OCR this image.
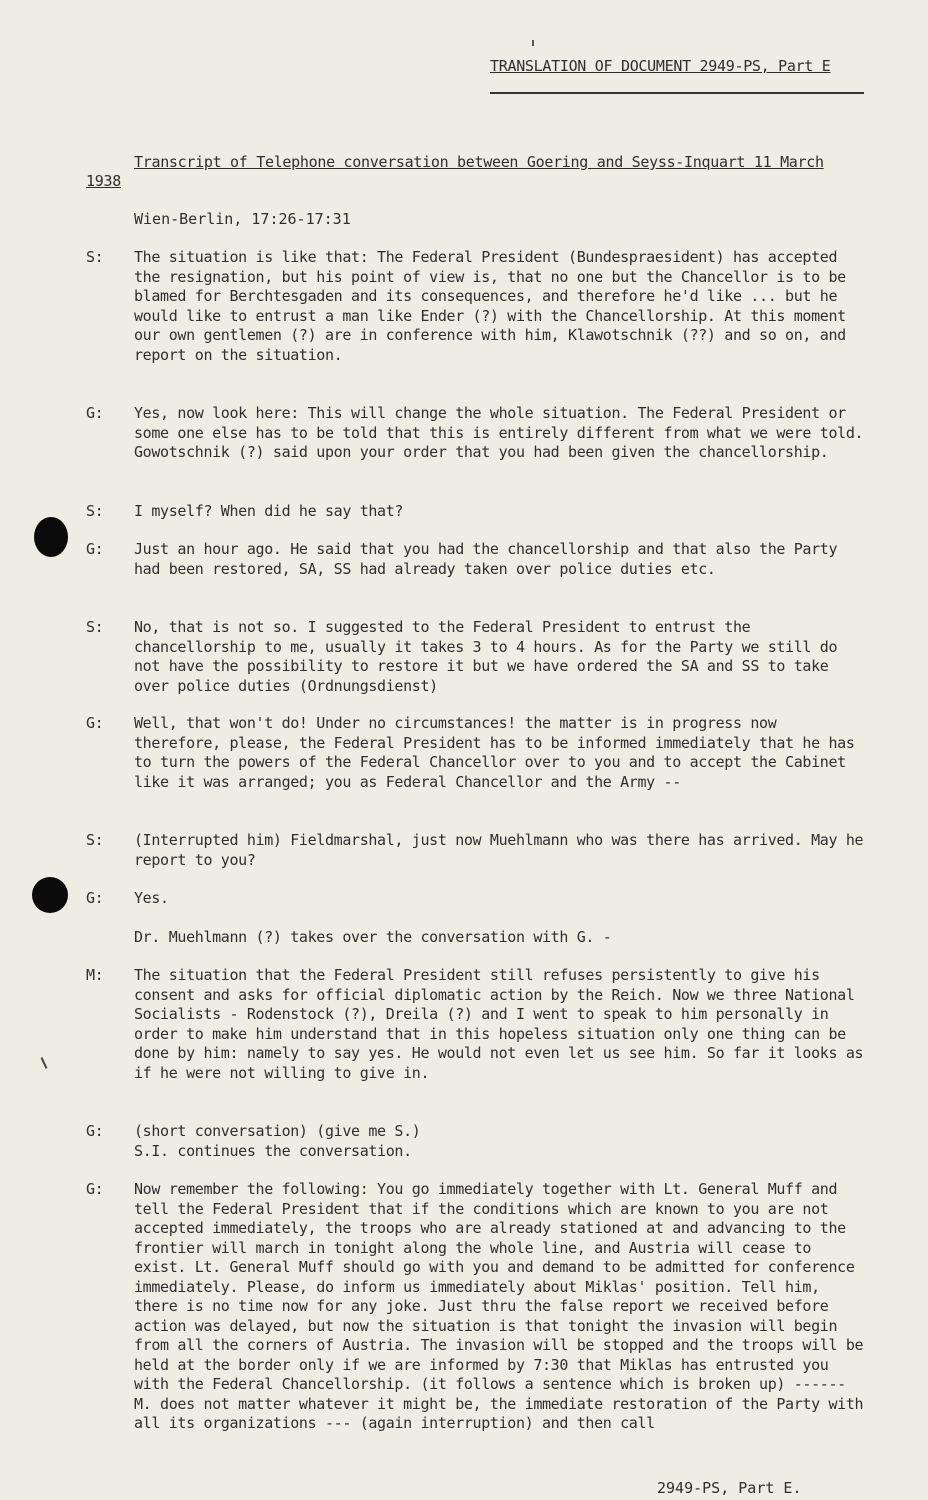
TRANSLATION OF DOCUMENT 2949-PS, Part E
Transcript of Telephone conversation between Goering and Seyss-Inquart 11 March 1938
Wien-Berlin, 17:26-17:31
S:	The situation is like that: The Federal President (Bundespraesident) has accepted the resignation, but his point of view is, that no one but the Chancellor is to be blamed for Berchtesgaden and its consequences, and therefore he'd like ... but he would like to entrust a man like Ender (?) with the Chancellorship. At this moment our own gentlemen (?) are in conference with him, Klawotschnik (??) and so on, and report on the situation.
G:	Yes, now look here: This will change the whole situation. The Federal President or some one else has to be told that this is entirely different from what we were told. Gowotschnik (?) said upon your order that you had been given the chancellorship.
S:	I myself? When did he say that?
G:	Just an hour ago. He said that you had the chancellorship and that also the Party had been restored, SA, SS had already taken over police duties etc.
S:	No, that is not so. I suggested to the Federal President to entrust the chancellorship to me, usually it takes 3 to 4 hours. As for the Party we still do not have the possibility to restore it but we have ordered the SA and SS to take over police duties (Ordnungsdienst)
G:	Well, that won't do! Under no circumstances! the matter is in progress now therefore, please, the Federal President has to be informed immediately that he has to turn the powers of the Federal Chancellor over to you and to accept the Cabinet like it was arranged; you as Federal Chancellor and the Army --
S:	(Interrupted him) Fieldmarshal, just now Muehlmann who was there has arrived. May he report to you?
G:	Yes.
Dr. Muehlmann (?) takes over the conversation with G. -
M:	The situation that the Federal President still refuses persistently to give his consent and asks for official diplomatic action by the Reich. Now we three National Socialists - Rodenstock (?), Dreila (?) and I went to speak to him personally in order to make him understand that in this hopeless situation only one thing can be done by him: namely to say yes. He would not even let us see him. So far it looks as if he were not willing to give in.
G:	(short conversation) (give me S.)
S.I. continues the conversation.
G:	Now remember the following: You go immediately together with Lt. General Muff and tell the Federal President that if the conditions which are known to you are not accepted immediately, the troops who are already stationed at and advancing to the frontier will march in tonight along the whole line, and Austria will cease to exist. Lt. General Muff should go with you and demand to be admitted for conference immediately. Please, do inform us immediately about Miklas' position. Tell him, there is no time now for any joke. Just thru the false report we received before action was delayed, but now the situation is that tonight the invasion will begin from all the corners of Austria. The invasion will be stopped and the troops will be held at the border only if we are informed by 7:30 that Miklas has entrusted you with the Federal Chancellorship. (it follows a sentence which is broken up) ------
M. does not matter whatever it might be, the immediate restoration of the Party with all its organizations --- (again interruption) and then call
2949-PS, Part E.
